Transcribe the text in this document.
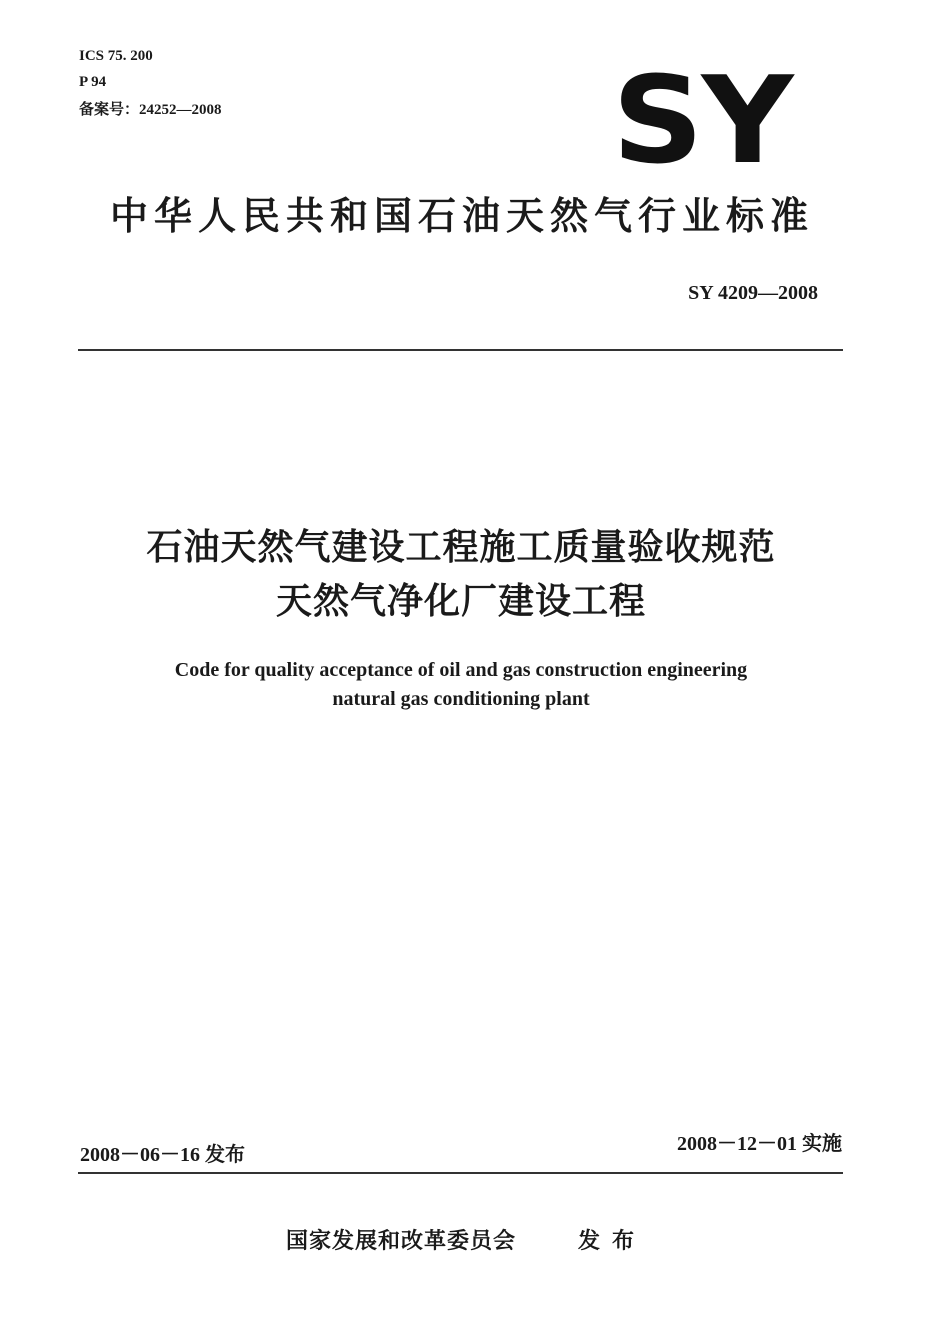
ICS 75. 200
P 94
备案号：24252—2008	SY
中华人民共和国石油天然气行业标准
SY 4209—2008
石油天然气建设工程施工质量验收规范
天然气净化厂建设工程
Code for quality acceptance of oil and gas construction engineering
natural gas conditioning plant
2008－12－01 实施
2008－06－16 发布
国家发展和改革委员会	发布
